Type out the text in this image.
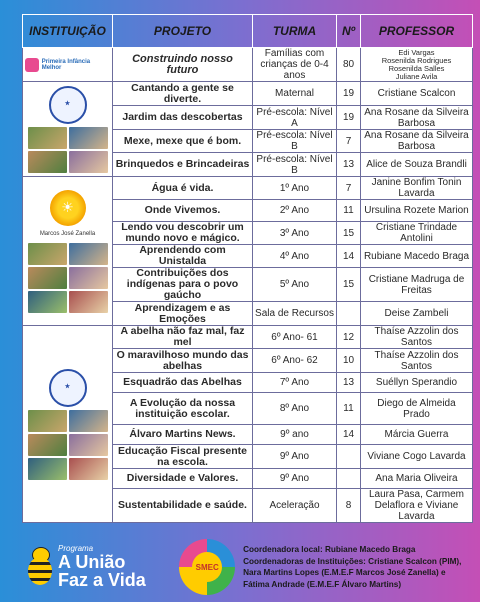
INSTITUIÇÃO	PROJETO	TURMA	Nº	PROFESSOR

Primeira Infância Melhor	Construindo nosso futuro	Famílias com crianças de 0-4 anos	80	Edi Vargas
Rosenilda Rodrigues
Rosenilda Salles
Juliane Avila

★	Cantando a gente se diverte.	Maternal	19	Cristiane Scalcon
	Jardim das descobertas	Pré-escola: Nível A	19	Ana Rosane da Silveira Barbosa
	Mexe, mexe que é bom.	Pré-escola: Nível B	7	Ana Rosane da Silveira Barbosa
	Brinquedos e Brincadeiras	Pré-escola: Nível B	13	Alice de Souza Brandli

☀
Marcos José Zanella	Água é vida.	1º Ano	7	Janine Bonfim Tonin Lavarda
	Onde Vivemos.	2º Ano	11	Ursulina Rozete Marion
	Lendo vou descobrir um mundo novo e mágico.	3º Ano	15	Cristiane Trindade Antolini
	Aprendendo com Unistalda	4º Ano	14	Rubiane Macedo Braga
	Contribuições dos indígenas para o povo gaúcho	5º Ano	15	Cristiane Madruga de Freitas
	Aprendizagem e as Emoções	Sala de Recursos		Deise Zambeli

★	A abelha não faz mal, faz mel	6º Ano- 61	12	Thaíse Azzolin dos Santos
	O maravilhoso mundo das abelhas	6º Ano- 62	10	Thaíse Azzolin dos Santos
	Esquadrão das Abelhas	7º Ano	13	Suéllyn Sperandio
	A Evolução da nossa instituição escolar.	8º Ano	11	Diego de Almeida Prado
	Álvaro Martins News.	9º ano	14	Márcia Guerra
	Educação Fiscal presente na escola.	9º Ano		Viviane Cogo Lavarda
	Diversidade e Valores.	9º Ano		Ana Maria Oliveira
	Sustentabilidade e saúde.	Aceleração	8	Laura Pasa, Carmem Delaflora e Viviane Lavarda
Programa
A União
Faz a Vida
SMEC
Coordenadora local: Rubiane Macedo Braga
Coordenadoras de Instituições: Cristiane Scalcon (PIM), Nara Martins Lopes (E.M.E.F Marcos José Zanella) e Fátima Andrade (E.M.E.F Álvaro Martins)
